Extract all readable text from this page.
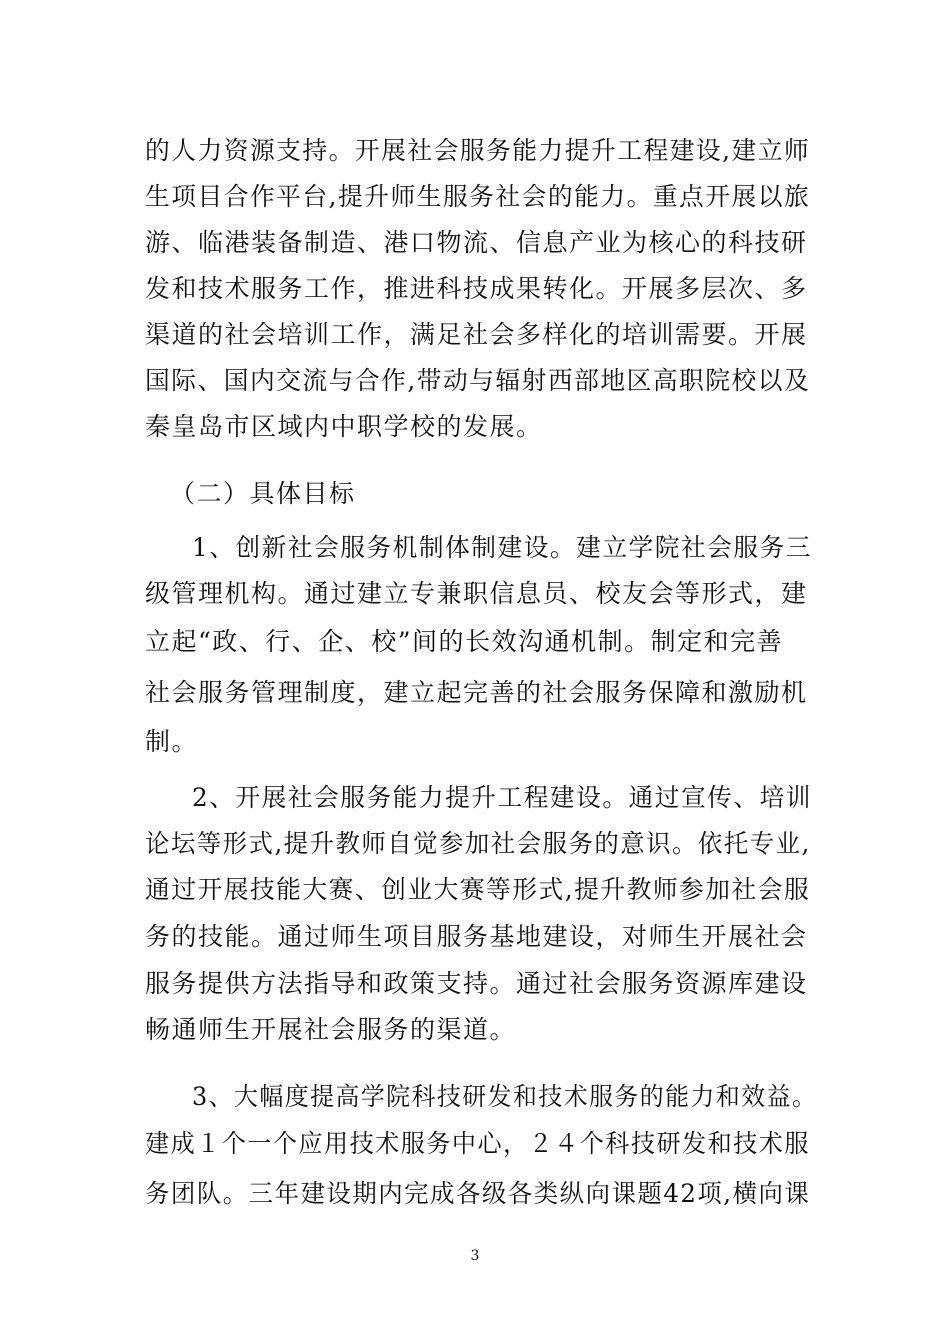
的人力资源支持。开展社会服务能力提升工程建设,建立师
生项目合作平台,提升师生服务社会的能力。重点开展以旅
游、临港装备制造、港口物流、信息产业为核心的科技研
发和技术服务工作，推进科技成果转化。开展多层次、多
渠道的社会培训工作，满足社会多样化的培训需要。开展
国际、国内交流与合作,带动与辐射西部地区高职院校以及
秦皇岛市区域内中职学校的发展。
（二）具体目标
1、创新社会服务机制体制建设。建立学院社会服务三
级管理机构。通过建立专兼职信息员、校友会等形式，建
立起“政、行、企、校”间的长效沟通机制。制定和完善
社会服务管理制度，建立起完善的社会服务保障和激励机
制。
2、开展社会服务能力提升工程建设。通过宣传、培训
论坛等形式,提升教师自觉参加社会服务的意识。依托专业,
通过开展技能大赛、创业大赛等形式,提升教师参加社会服
务的技能。通过师生项目服务基地建设，对师生开展社会
服务提供方法指导和政策支持。通过社会服务资源库建设
畅通师生开展社会服务的渠道。
3、大幅度提高学院科技研发和技术服务的能力和效益。
建成１个一个应用技术服务中心，２４个科技研发和技术服
务团队。三年建设期内完成各级各类纵向课题42项,横向课
3
